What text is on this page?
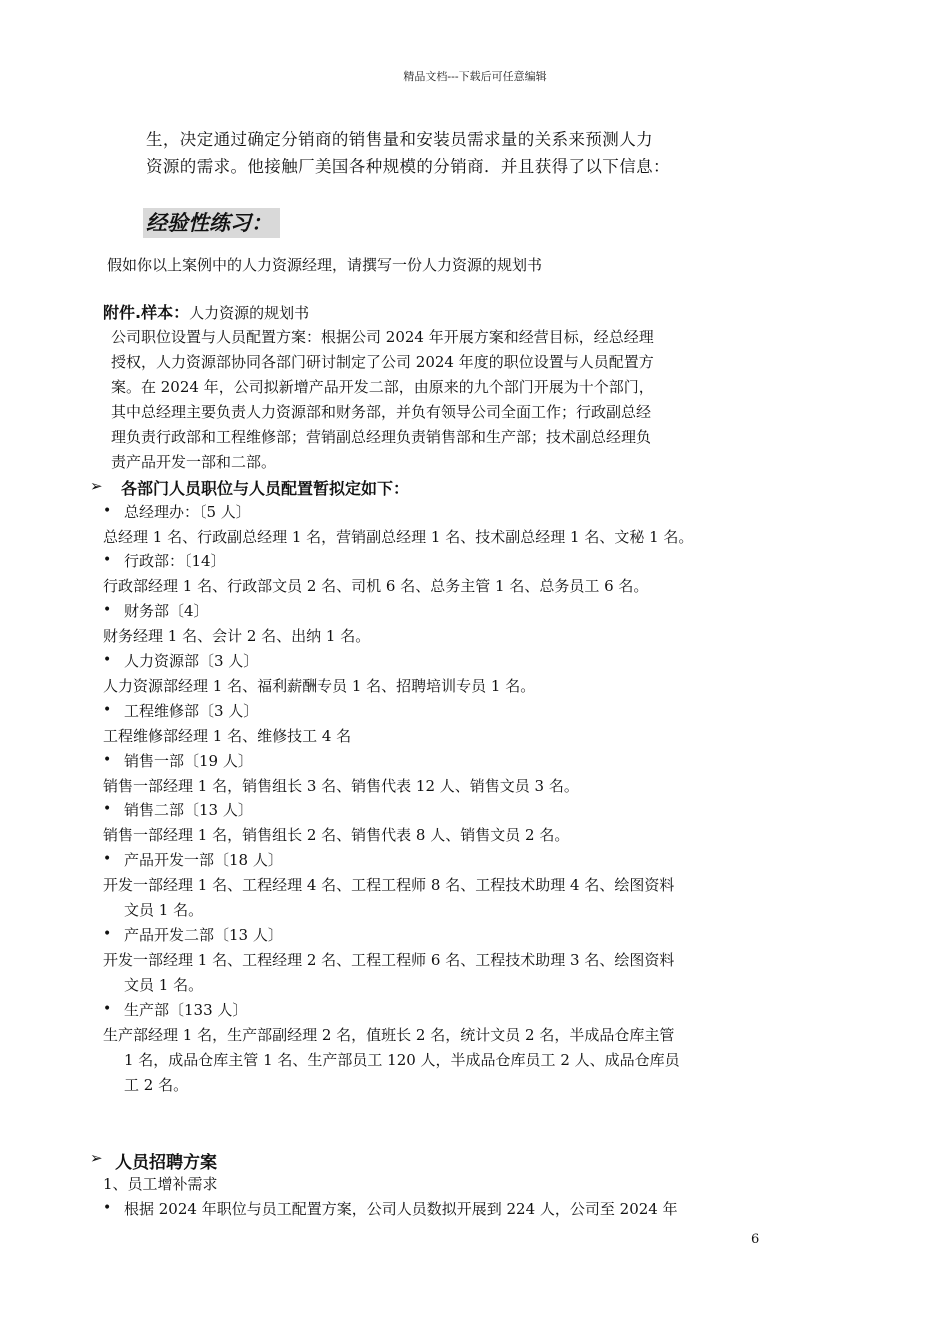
精品文档---下载后可任意编辑
生，决定通过确定分销商的销售量和安装员需求量的关系来预测人力
资源的需求。他接触厂美国各种规模的分销商．并且获得了以下信息：
经验性练习：
假如你以上案例中的人力资源经理，请撰写一份人力资源的规划书
附件.样本：人力资源的规划书
公司职位设置与人员配置方案：根据公司 2024 年开展方案和经营目标，经总经理
授权，人力资源部协同各部门研讨制定了公司 2024 年度的职位设置与人员配置方
案。在 2024 年，公司拟新增产品开发二部，由原来的九个部门开展为十个部门，
其中总经理主要负责人力资源部和财务部，并负有领导公司全面工作；行政副总经
理负责行政部和工程维修部；营销副总经理负责销售部和生产部；技术副总经理负
责产品开发一部和二部。
➢ 各部门人员职位与人员配置暂拟定如下：
• 总经理办：〔5 人〕
总经理 1 名、行政副总经理 1 名，营销副总经理 1 名、技术副总经理 1 名、文秘 1 名。
• 行政部：〔14〕
行政部经理 1 名、行政部文员 2 名、司机 6 名、总务主管 1 名、总务员工 6 名。
• 财务部〔4〕
财务经理 1 名、会计 2 名、出纳 1 名。
• 人力资源部〔3 人〕
人力资源部经理 1 名、福利薪酬专员 1 名、招聘培训专员 1 名。
• 工程维修部〔3 人〕
工程维修部经理 1 名、维修技工 4 名
• 销售一部〔19 人〕
销售一部经理 1 名，销售组长 3 名、销售代表 12 人、销售文员 3 名。
• 销售二部〔13 人〕
销售一部经理 1 名，销售组长 2 名、销售代表 8 人、销售文员 2 名。
• 产品开发一部〔18 人〕
开发一部经理 1 名、工程经理 4 名、工程工程师 8 名、工程技术助理 4 名、绘图资料
文员 1 名。
• 产品开发二部〔13 人〕
开发一部经理 1 名、工程经理 2 名、工程工程师 6 名、工程技术助理 3 名、绘图资料
文员 1 名。
• 生产部〔133 人〕
生产部经理 1 名，生产部副经理 2 名，值班长 2 名，统计文员 2 名，半成品仓库主管
1 名，成品仓库主管 1 名、生产部员工 120 人，半成品仓库员工 2 人、成品仓库员
工 2 名。
➢ 人员招聘方案
1、员工增补需求
• 根据 2024 年职位与员工配置方案，公司人员数拟开展到 224 人，公司至 2024 年
6
